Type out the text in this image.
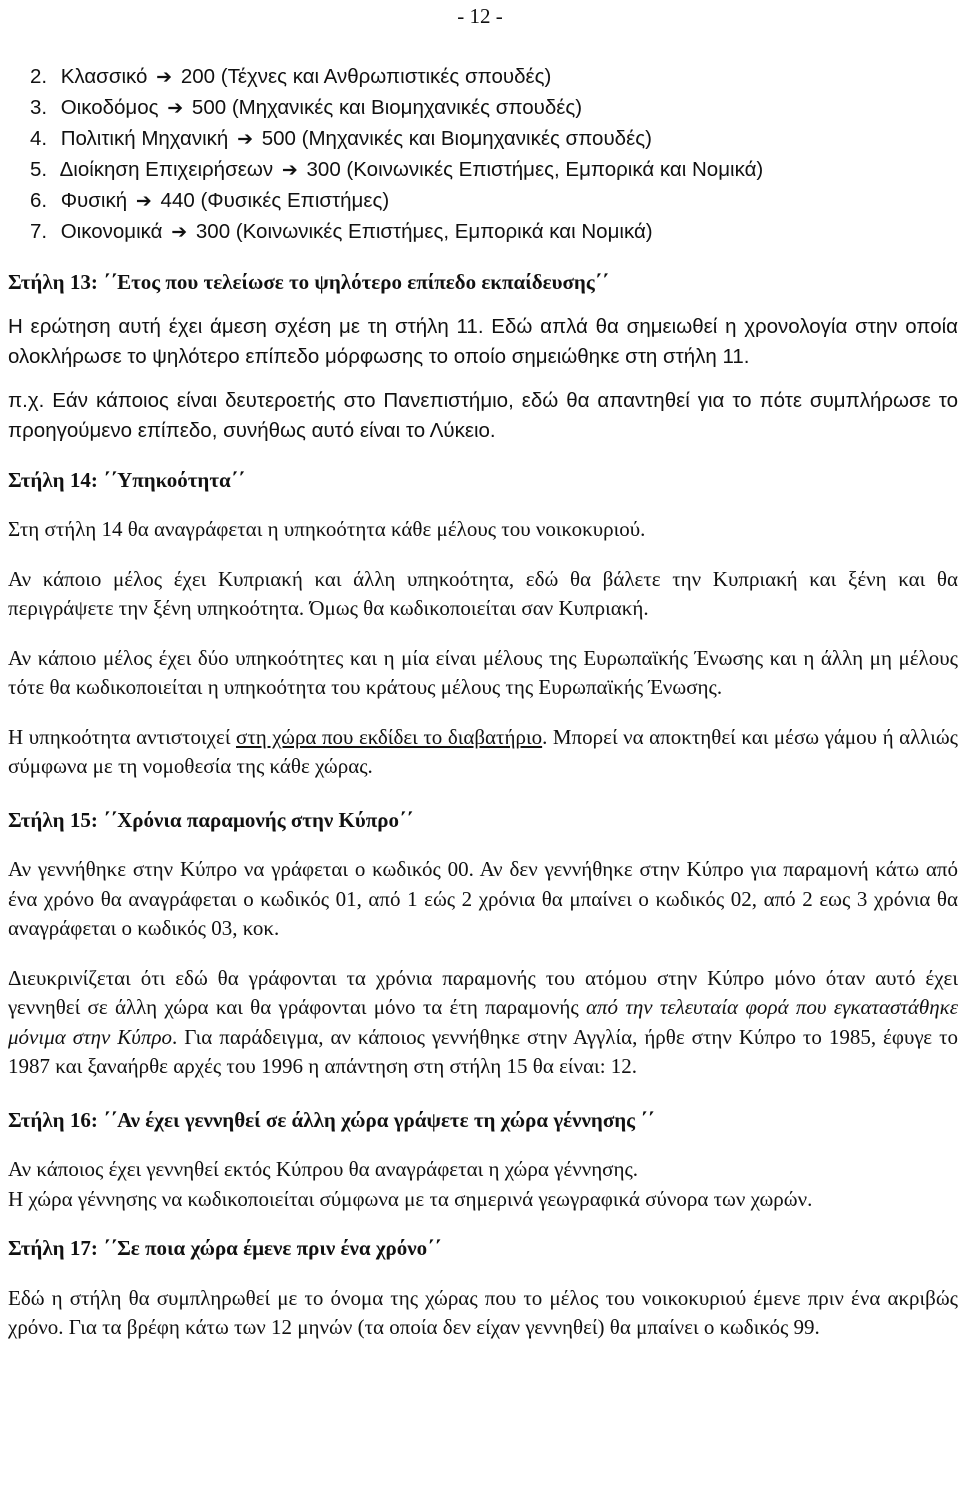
- 12 -
2. Κλασσικό ➔ 200 (Τέχνες και Ανθρωπιστικές σπουδές)
3. Οικοδόμος ➔ 500 (Μηχανικές και Βιομηχανικές σπουδές)
4. Πολιτική Μηχανική ➔ 500 (Μηχανικές και Βιομηχανικές σπουδές)
5. Διοίκηση Επιχειρήσεων ➔ 300 (Κοινωνικές Επιστήμες, Εμπορικά και Νομικά)
6. Φυσική ➔ 440 (Φυσικές Επιστήμες)
7. Οικονομικά ➔ 300 (Κοινωνικές Επιστήμες, Εμπορικά και Νομικά)

Στήλη 13: ΄΄Ετος που τελείωσε το ψηλότερο επίπεδο εκπαίδευσης΄΄

Η ερώτηση αυτή έχει άμεση σχέση με τη στήλη 11. Εδώ απλά θα σημειωθεί η χρονολογία στην οποία ολοκλήρωσε το ψηλότερο επίπεδο μόρφωσης το οποίο σημειώθηκε στη στήλη 11.

π.χ. Εάν κάποιος είναι δευτεροετής στο Πανεπιστήμιο, εδώ θα απαντηθεί για το πότε συμπλήρωσε το προηγούμενο επίπεδο, συνήθως αυτό είναι το Λύκειο.

Στήλη 14: ΄΄Υπηκοότητα΄΄

Στη στήλη 14 θα αναγράφεται η υπηκοότητα κάθε μέλους του νοικοκυριού.

Αν κάποιο μέλος έχει Κυπριακή και άλλη υπηκοότητα, εδώ θα βάλετε την Κυπριακή και ξένη και θα περιγράψετε την ξένη υπηκοότητα. Όμως θα κωδικοποιείται σαν Κυπριακή.

Αν κάποιο μέλος έχει δύο υπηκοότητες και η μία είναι μέλους της Ευρωπαϊκής Ένωσης και η άλλη μη μέλους τότε θα κωδικοποιείται η υπηκοότητα του κράτους μέλους της Ευρωπαϊκής Ένωσης.

Η υπηκοότητα αντιστοιχεί στη χώρα που εκδίδει το διαβατήριο. Μπορεί να αποκτηθεί και μέσω γάμου ή αλλιώς σύμφωνα με τη νομοθεσία της κάθε χώρας.

Στήλη 15: ΄΄Χρόνια παραμονής στην Κύπρο΄΄

Αν γεννήθηκε στην Κύπρο να γράφεται ο κωδικός 00. Αν δεν γεννήθηκε στην Κύπρο για παραμονή κάτω από ένα χρόνο θα αναγράφεται ο κωδικός 01, από 1 εώς 2 χρόνια θα μπαίνει ο κωδικός 02, από 2 εως 3 χρόνια θα αναγράφεται ο κωδικός 03, κοκ.

Διευκρινίζεται ότι εδώ θα γράφονται τα χρόνια παραμονής του ατόμου στην Κύπρο μόνο όταν αυτό έχει γεννηθεί σε άλλη χώρα και θα γράφονται μόνο τα έτη παραμονής από την τελευταία φορά που εγκαταστάθηκε μόνιμα στην Κύπρο. Για παράδειγμα, αν κάποιος γεννήθηκε στην Αγγλία, ήρθε στην Κύπρο το 1985, έφυγε το 1987 και ξαναήρθε αρχές του 1996 η απάντηση στη στήλη 15 θα είναι: 12.

Στήλη 16: ΄΄Αν έχει γεννηθεί σε άλλη χώρα γράψετε τη χώρα γέννησης ΄΄

Αν κάποιος έχει γεννηθεί εκτός Κύπρου θα αναγράφεται η χώρα γέννησης.

Η χώρα γέννησης να κωδικοποιείται σύμφωνα με τα σημερινά γεωγραφικά σύνορα των χωρών.

Στήλη 17: ΄΄Σε ποια χώρα έμενε πριν ένα χρόνο΄΄

Εδώ η στήλη θα συμπληρωθεί με το όνομα της χώρας που το μέλος του νοικοκυριού έμενε πριν ένα ακριβώς χρόνο. Για τα βρέφη κάτω των 12 μηνών (τα οποία δεν είχαν γεννηθεί) θα μπαίνει ο κωδικός 99.
